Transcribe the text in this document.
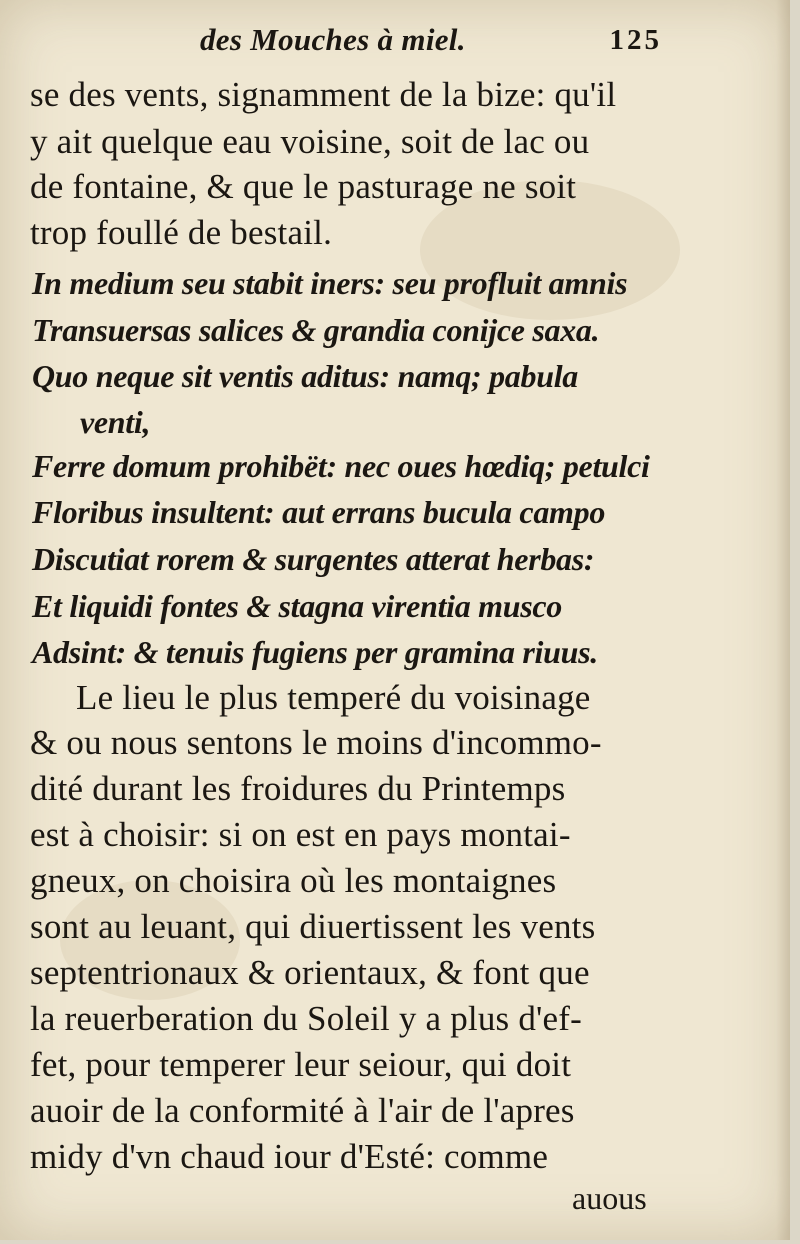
des Mouches à miel.	125
se des vents, signamment de la bize: qu'il
y ait quelque eau voisine, soit de lac ou
de fontaine, & que le pasturage ne soit
trop foullé de bestail.
In medium seu stabit iners: seu profluit amnis
Transuersas salices & grandia conijce saxa.
Quo neque sit ventis aditus: namq; pabula
venti,
Ferre domum prohibët: nec oues hœdiq; petulci
Floribus insultent: aut errans bucula campo
Discutiat rorem & surgentes atterat herbas:
Et liquidi fontes & stagna virentia musco
Adsint: & tenuis fugiens per gramina riuus.
Le lieu le plus temperé du voisinage
& ou nous sentons le moins d'incommo-
dité durant les froidures du Printemps
est à choisir: si on est en pays montai-
gneux, on choisira où les montaignes
sont au leuant, qui diuertissent les vents
septentrionaux & orientaux, & font que
la reuerberation du Soleil y a plus d'ef-
fet, pour temperer leur seiour, qui doit
auoir de la conformité à l'air de l'apres
midy d'vn chaud iour d'Esté: comme
auous
